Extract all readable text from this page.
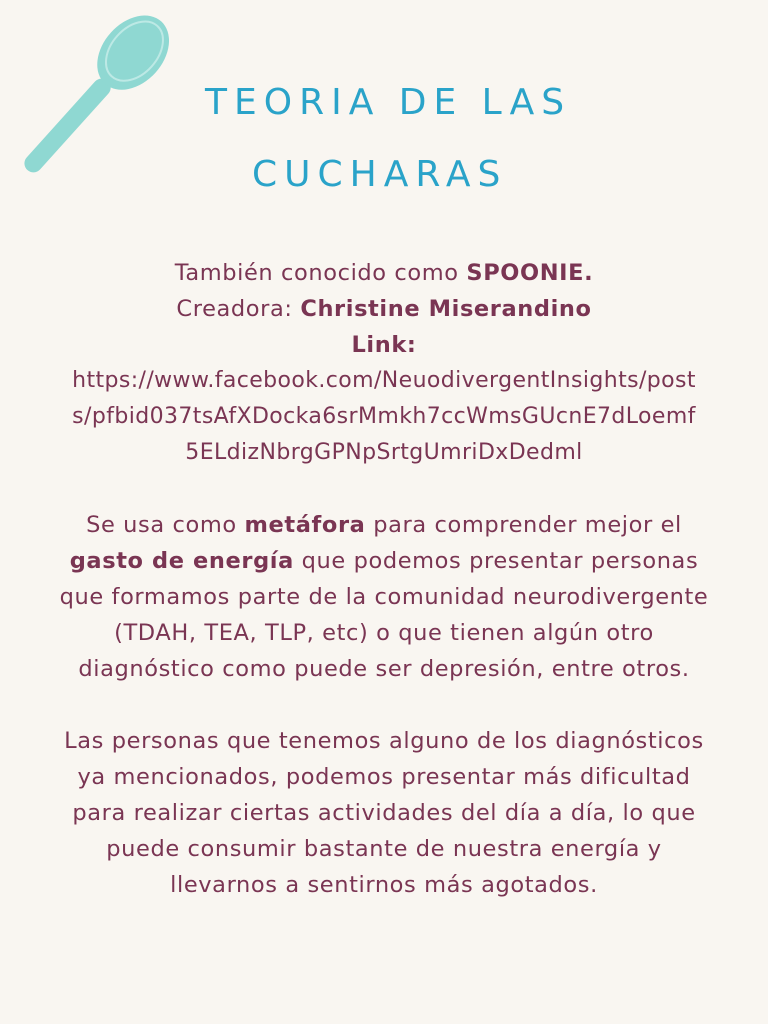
TEORIA DE LAS
CUCHARAS

También conocido como SPOONIE.

Creadora: Christine Miserandino

Link:

https://www.facebook.com/NeuodivergentInsights/post
s/pfbid037tsAfXDocka6srMmkh7ccWmsGUcnE7dLoemf
5ELdizNbrgGPNpSrtgUmriDxDedml

Se usa como metáfora para comprender mejor el
gasto de energía que podemos presentar personas
que formamos parte de la comunidad neurodivergente
(TDAH, TEA, TLP, etc) o que tienen algún otro
diagnóstico como puede ser depresión, entre otros.

Las personas que tenemos alguno de los diagnósticos
ya mencionados, podemos presentar más dificultad
para realizar ciertas actividades del día a día, lo que
puede consumir bastante de nuestra energía y
llevarnos a sentirnos más agotados.
